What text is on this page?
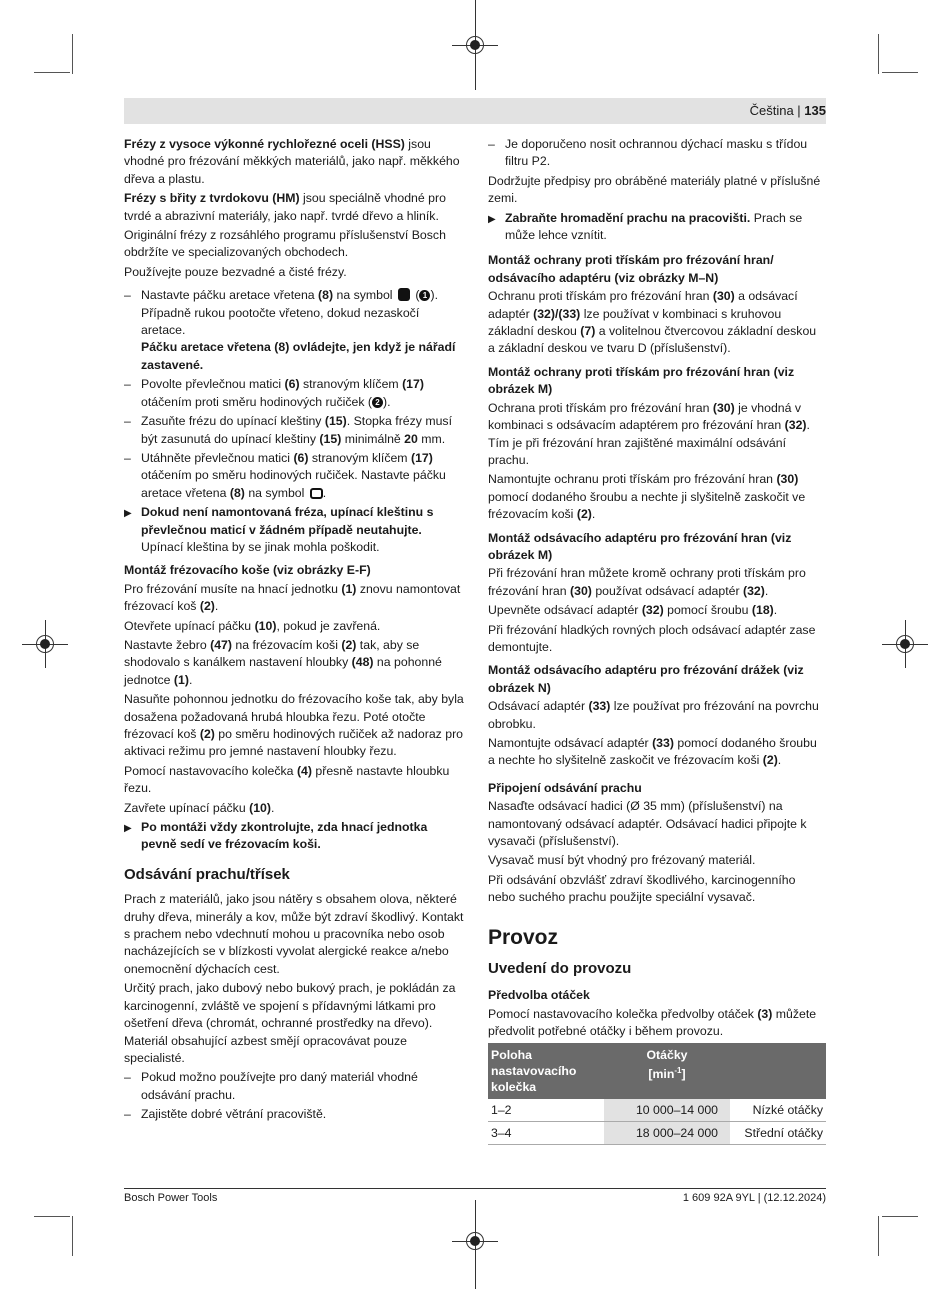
Čeština | 135

Frézy z vysoce výkonné rychlořezné oceli (HSS) jsou vhodné pro frézování měkkých materiálů, jako např. měkkého dřeva a plastu.

Frézy s břity z tvrdokovu (HM) jsou speciálně vhodné pro tvrdé a abrazivní materiály, jako např. tvrdé dřevo a hliník.

Originální frézy z rozsáhlého programu příslušenství Bosch obdržíte ve specializovaných obchodech.

Používejte pouze bezvadné a čisté frézy.

– Nastavte páčku aretace vřetena (8) na symbol  ( 1 ). Případně rukou pootočte vřeteno, dokud nezaskočí aretace.
Páčku aretace vřetena (8) ovládejte, jen když je nářadí zastavené.
– Povolte převlečnou matici (6) stranovým klíčem (17) otáčením proti směru hodinových ručiček ( 2 ).
– Zasuňte frézu do upínací kleštiny (15). Stopka frézy musí být zasunutá do upínací kleštiny (15) minimálně 20 mm.
– Utáhněte převlečnou matici (6) stranovým klíčem (17) otáčením po směru hodinových ručiček. Nastavte páčku aretace vřetena (8) na symbol .
▶ Dokud není namontovaná fréza, upínací kleštinu s převlečnou maticí v žádném případě neutahujte. Upínací kleština by se jinak mohla poškodit.
Montáž frézovacího koše (viz obrázky E-F)

Pro frézování musíte na hnací jednotku (1) znovu namontovat frézovací koš (2).

Otevřete upínací páčku (10), pokud je zavřená.

Nastavte žebro (47) na frézovacím koši (2) tak, aby se shodovalo s kanálkem nastavení hloubky (48) na pohonné jednotce (1).

Nasuňte pohonnou jednotku do frézovacího koše tak, aby byla dosažena požadovaná hrubá hloubka řezu. Poté otočte frézovací koš (2) po směru hodinových ručiček až nadoraz pro aktivaci režimu pro jemné nastavení hloubky řezu.

Pomocí nastavovacího kolečka (4) přesně nastavte hloubku řezu.

Zavřete upínací páčku (10).

▶ Po montáži vždy zkontrolujte, zda hnací jednotka pevně sedí ve frézovacím koši.
Odsávání prachu/třísek

Prach z materiálů, jako jsou nátěry s obsahem olova, některé druhy dřeva, minerály a kov, může být zdraví škodlivý. Kontakt s prachem nebo vdechnutí mohou u pracovníka nebo osob nacházejících se v blízkosti vyvolat alergické reakce a/nebo onemocnění dýchacích cest.

Určitý prach, jako dubový nebo bukový prach, je pokládán za karcinogenní, zvláště ve spojení s přídavnými látkami pro ošetření dřeva (chromát, ochranné prostředky na dřevo). Materiál obsahující azbest smějí opracovávat pouze specialisté.

– Pokud možno používejte pro daný materiál vhodné odsávání prachu.
– Zajistěte dobré větrání pracoviště.
– Je doporučeno nosit ochrannou dýchací masku s třídou filtru P2.

Dodržujte předpisy pro obráběné materiály platné v příslušné zemi.

▶ Zabraňte hromadění prachu na pracovišti. Prach se může lehce vznítit.
Montáž ochrany proti třískám pro frézování hran/ odsávacího adaptéru (viz obrázky M–N)

Ochranu proti třískám pro frézování hran (30) a odsávací adaptér (32)/(33) lze používat v kombinaci s kruhovou základní deskou (7) a volitelnou čtvercovou základní deskou a základní deskou ve tvaru D (příslušenství).

Montáž ochrany proti třískám pro frézování hran (viz obrázek M)

Ochrana proti třískám pro frézování hran (30) je vhodná v kombinaci s odsávacím adaptérem pro frézování hran (32). Tím je při frézování hran zajištěné maximální odsávání prachu.

Namontujte ochranu proti třískám pro frézování hran (30) pomocí dodaného šroubu a nechte ji slyšitelně zaskočit ve frézovacím koši (2).

Montáž odsávacího adaptéru pro frézování hran (viz obrázek M)

Při frézování hran můžete kromě ochrany proti třískám pro frézování hran (30) používat odsávací adaptér (32).

Upevněte odsávací adaptér (32) pomocí šroubu (18).

Při frézování hladkých rovných ploch odsávací adaptér zase demontujte.

Montáž odsávacího adaptéru pro frézování drážek (viz obrázek N)

Odsávací adaptér (33) lze používat pro frézování na povrchu obrobku.

Namontujte odsávací adaptér (33) pomocí dodaného šroubu a nechte ho slyšitelně zaskočit ve frézovacím koši (2).

Připojení odsávání prachu

Nasaďte odsávací hadici (Ø 35 mm) (příslušenství) na namontovaný odsávací adaptér. Odsávací hadici připojte k vysavači (příslušenství).

Vysavač musí být vhodný pro frézovaný materiál.

Při odsávání obzvlášť zdraví škodlivého, karcinogenního nebo suchého prachu použijte speciální vysavač.

Provoz
Uvedení do provozu
Předvolba otáček

Pomocí nastavovacího kolečka předvolby otáček (3) můžete předvolit potřebné otáčky i během provozu.

Poloha nastavovacího kolečka	Otáčky
$[\min^{-1}]$	
1–2	10 000–14 000	Nízké otáčky
3–4	18 000–24 000	Střední otáčky
Bosch Power Tools	1 609 92A 9YL | (12.12.2024)
